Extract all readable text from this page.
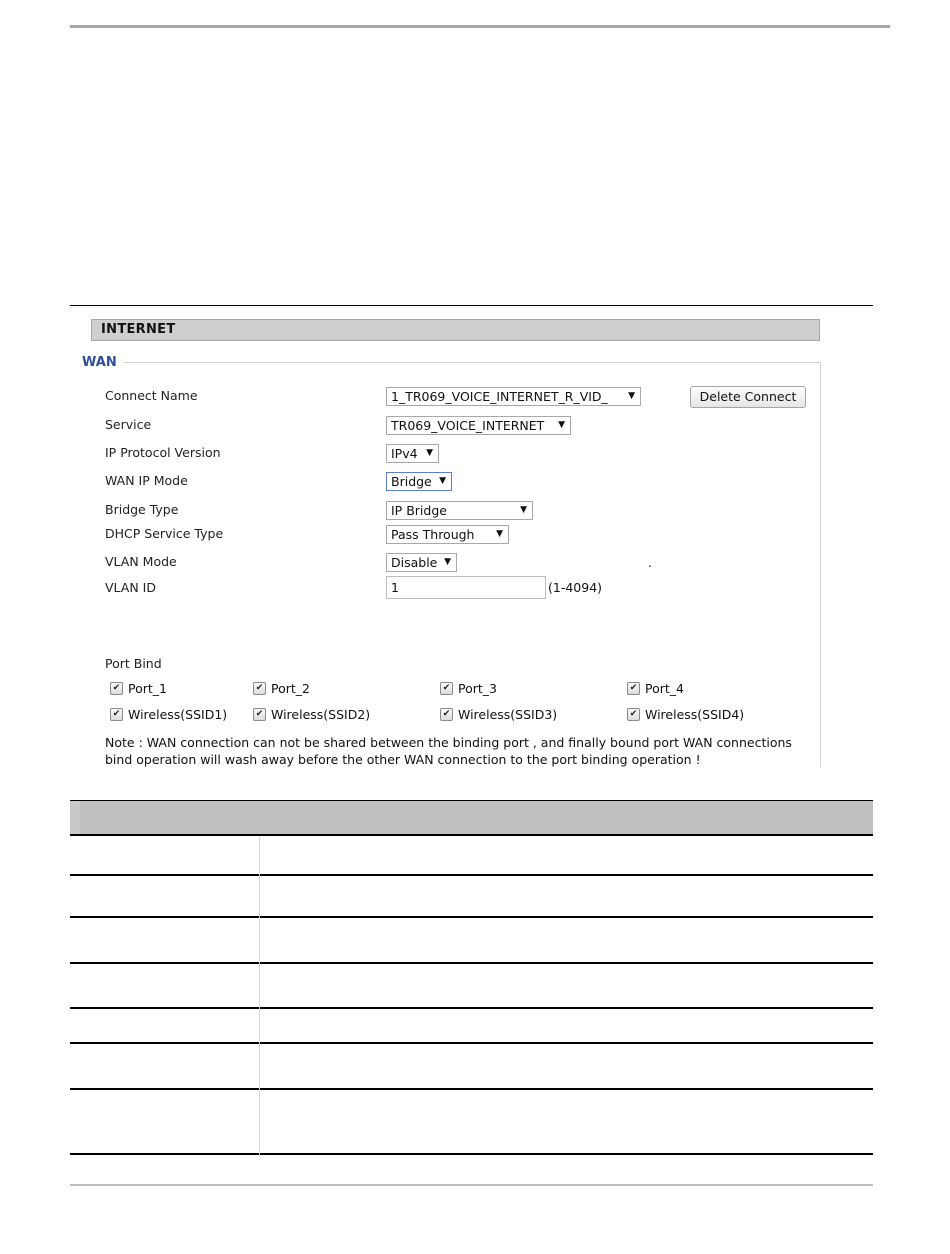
INTERNET
WAN
Connect Name	1_TR069_VOICE_INTERNET_R_VID_ ▼	Delete Connect
Service	TR069_VOICE_INTERNET ▼
IP Protocol Version	IPv4 ▼
WAN IP Mode	Bridge ▼
Bridge Type	IP Bridge	▼
DHCP Service Type	Pass Through ▼
VLAN Mode	Disable ▼	.
VLAN ID	1	(1-4094)
Port Bind
✔ Port_1	✔ Port_2	✔ Port_3	✔ Port_4
✔ Wireless(SSID1)	✔ Wireless(SSID2)	✔ Wireless(SSID3)	✔ Wireless(SSID4)
Note : WAN connection can not be shared between the binding port , and finally bound port WAN connections bind operation will wash away before the other WAN connection to the port binding operation !
